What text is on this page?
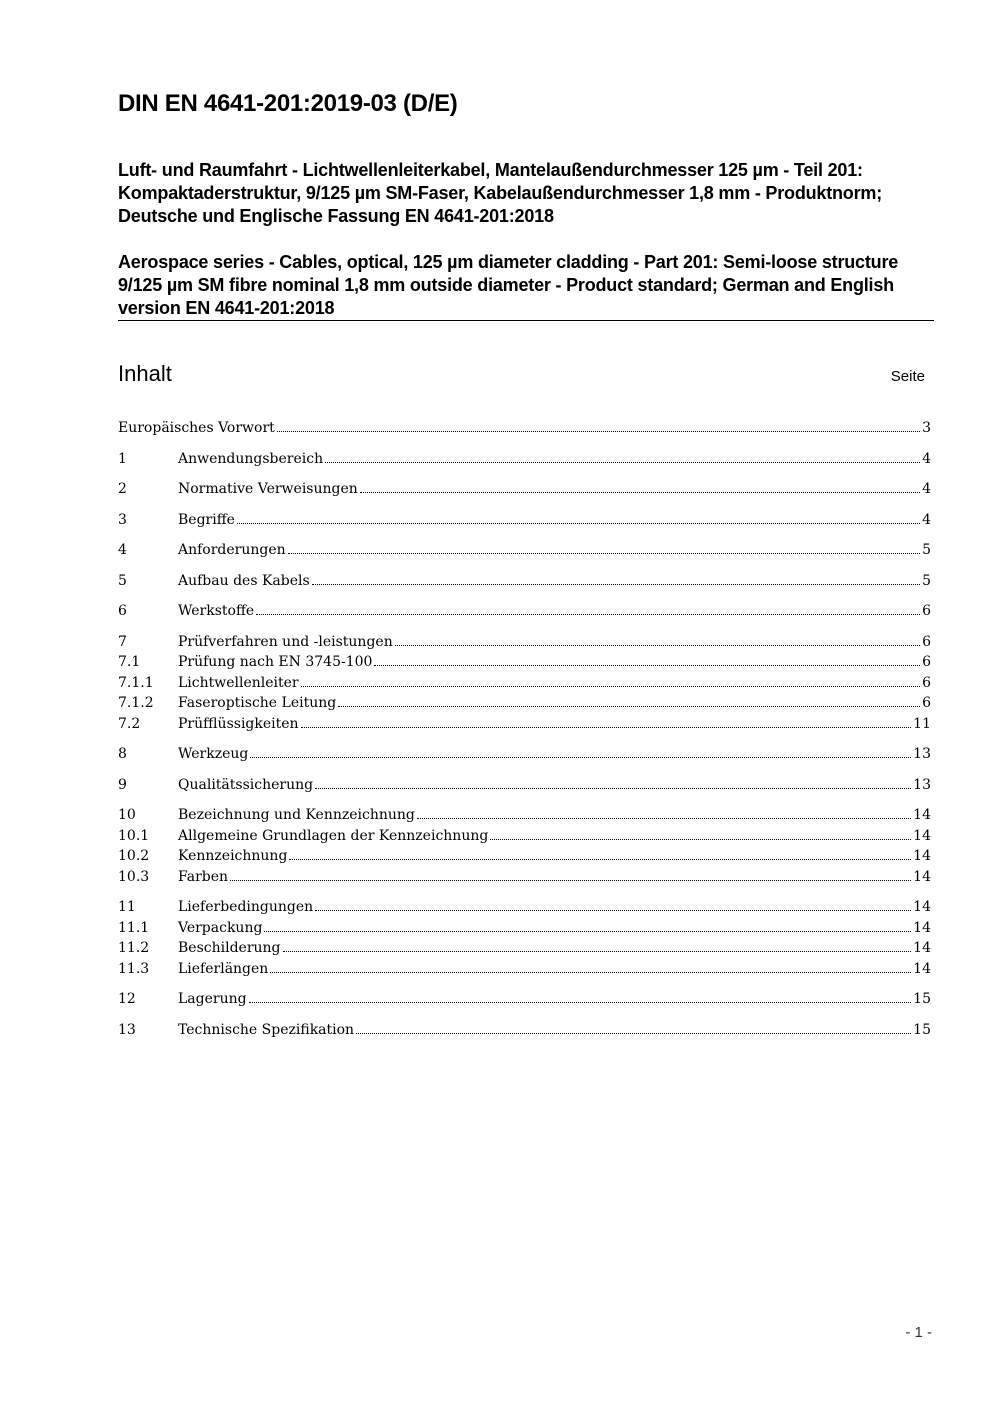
DIN EN 4641-201:2019-03 (D/E)
Luft- und Raumfahrt - Lichtwellenleiterkabel, Mantelaußendurchmesser 125 µm - Teil 201: Kompaktaderstruktur, 9/125 µm SM-Faser, Kabelaußendurchmesser 1,8 mm - Produktnorm; Deutsche und Englische Fassung EN 4641-201:2018
Aerospace series - Cables, optical, 125 µm diameter cladding - Part 201: Semi-loose structure 9/125 µm SM fibre nominal 1,8 mm outside diameter - Product standard; German and English version EN 4641-201:2018
Inhalt	Seite
Europäisches Vorwort	3
1	Anwendungsbereich	4
2	Normative Verweisungen	4
3	Begriffe	4
4	Anforderungen	5
5	Aufbau des Kabels	5
6	Werkstoffe	6
7	Prüfverfahren und -leistungen	6
7.1	Prüfung nach EN 3745-100	6
7.1.1	Lichtwellenleiter	6
7.1.2	Faseroptische Leitung	6
7.2	Prüfflüssigkeiten	11
8	Werkzeug	13
9	Qualitätssicherung	13
10	Bezeichnung und Kennzeichnung	14
10.1	Allgemeine Grundlagen der Kennzeichnung	14
10.2	Kennzeichnung	14
10.3	Farben	14
11	Lieferbedingungen	14
11.1	Verpackung	14
11.2	Beschilderung	14
11.3	Lieferlängen	14
12	Lagerung	15
13	Technische Spezifikation	15
- 1 -
